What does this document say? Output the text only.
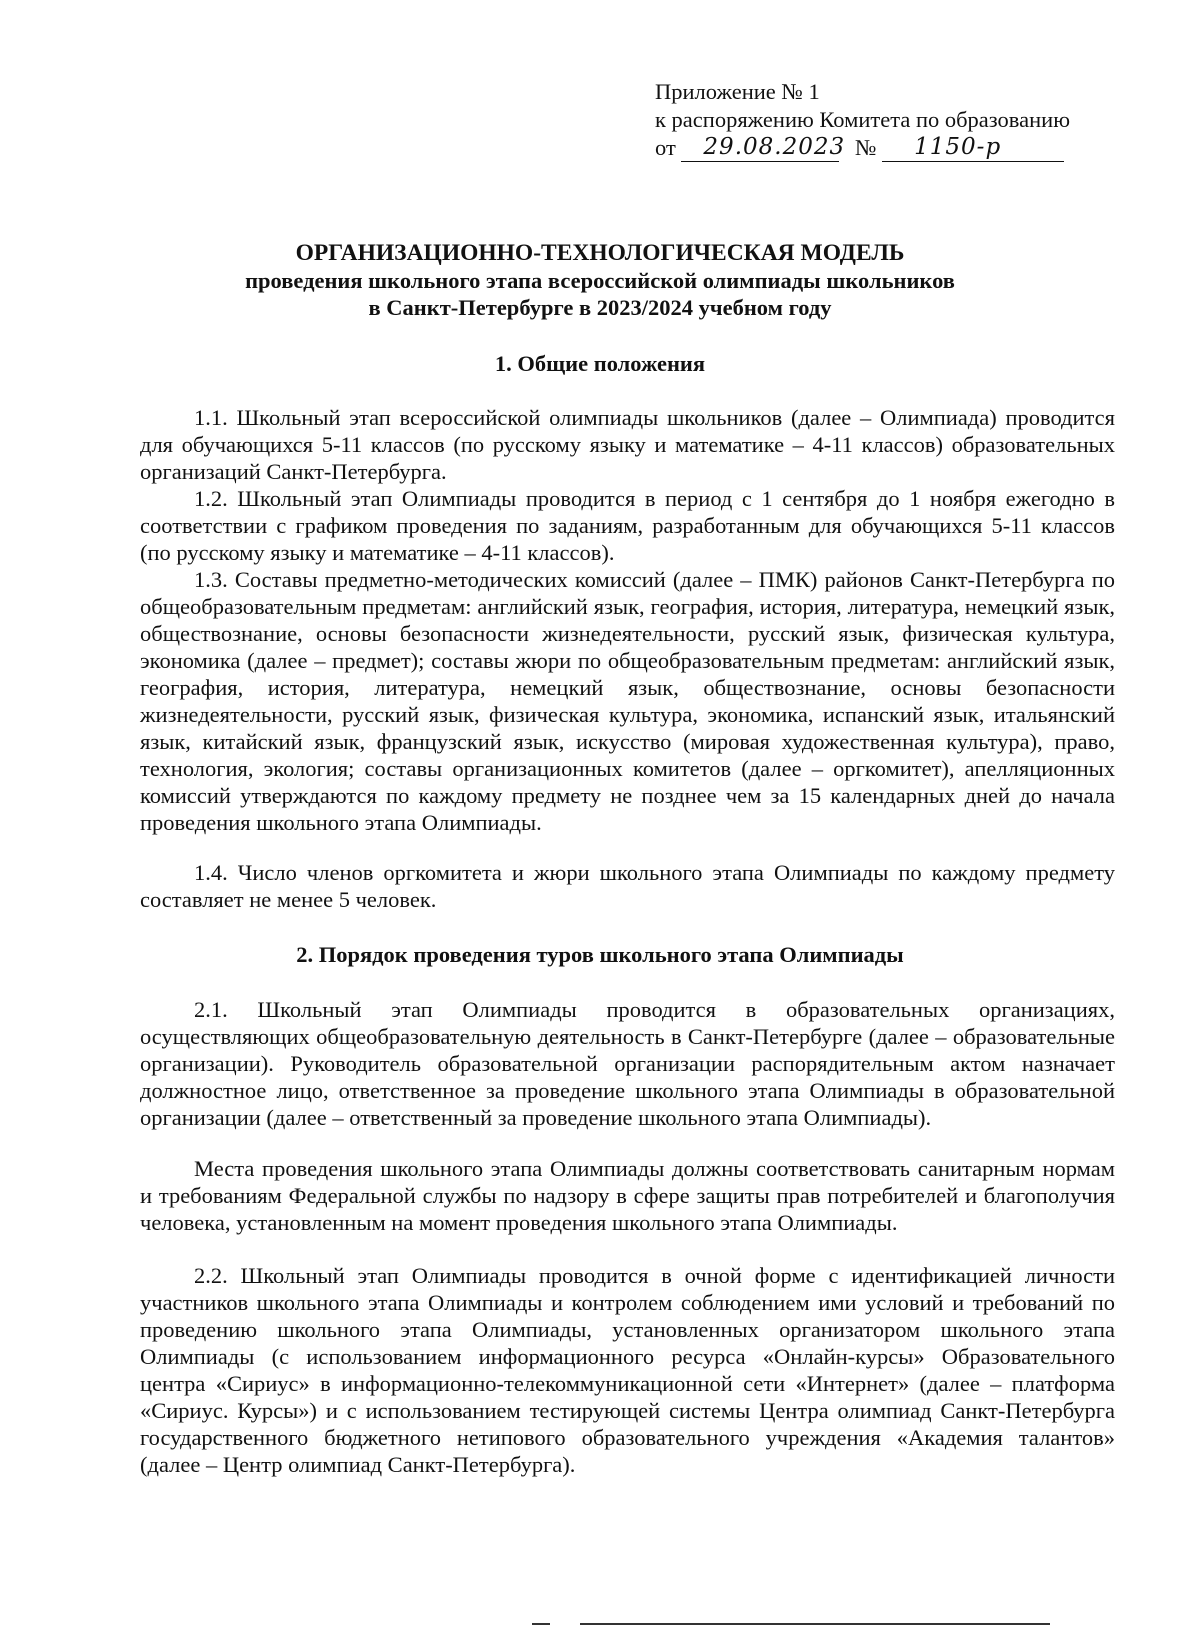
Приложение № 1
к распоряжению Комитета по образованию
от 29.08.2023 № 1150-р
ОРГАНИЗАЦИОННО-ТЕХНОЛОГИЧЕСКАЯ МОДЕЛЬ
проведения школьного этапа всероссийской олимпиады школьников
в Санкт-Петербурге в 2023/2024 учебном году
1. Общие положения

1.1. Школьный этап всероссийской олимпиады школьников (далее – Олимпиада) проводится для обучающихся 5-11 классов (по русскому языку и математике – 4-11 классов) образовательных организаций Санкт-Петербурга.

1.2. Школьный этап Олимпиады проводится в период с 1 сентября до 1 ноября ежегодно в соответствии с графиком проведения по заданиям, разработанным для обучающихся 5-11 классов (по русскому языку и математике – 4-11 классов).

1.3. Составы предметно-методических комиссий (далее – ПМК) районов Санкт-Петербурга по общеобразовательным предметам: английский язык, география, история, литература, немецкий язык, обществознание, основы безопасности жизнедеятельности, русский язык, физическая культура, экономика (далее – предмет); составы жюри по общеобразовательным предметам: английский язык, география, история, литература, немецкий язык, обществознание, основы безопасности жизнедеятельности, русский язык, физическая культура, экономика, испанский язык, итальянский язык, китайский язык, французский язык, искусство (мировая художественная культура), право, технология, экология; составы организационных комитетов (далее – оргкомитет), апелляционных комиссий утверждаются по каждому предмету не позднее чем за 15 календарных дней до начала проведения школьного этапа Олимпиады.

1.4. Число членов оргкомитета и жюри школьного этапа Олимпиады по каждому предмету составляет не менее 5 человек.

2. Порядок проведения туров школьного этапа Олимпиады

2.1. Школьный этап Олимпиады проводится в образовательных организациях, осуществляющих общеобразовательную деятельность в Санкт-Петербурге (далее – образовательные организации). Руководитель образовательной организации распорядительным актом назначает должностное лицо, ответственное за проведение школьного этапа Олимпиады в образовательной организации (далее – ответственный за проведение школьного этапа Олимпиады).

Места проведения школьного этапа Олимпиады должны соответствовать санитарным нормам и требованиям Федеральной службы по надзору в сфере защиты прав потребителей и благополучия человека, установленным на момент проведения школьного этапа Олимпиады.

2.2. Школьный этап Олимпиады проводится в очной форме с идентификацией личности участников школьного этапа Олимпиады и контролем соблюдением ими условий и требований по проведению школьного этапа Олимпиады, установленных организатором школьного этапа Олимпиады (с использованием информационного ресурса «Онлайн-курсы» Образовательного центра «Сириус» в информационно-телекоммуникационной сети «Интернет» (далее – платформа «Сириус. Курсы») и с использованием тестирующей системы Центра олимпиад Санкт-Петербурга государственного бюджетного нетипового образовательного учреждения «Академия талантов» (далее – Центр олимпиад Санкт-Петербурга).
